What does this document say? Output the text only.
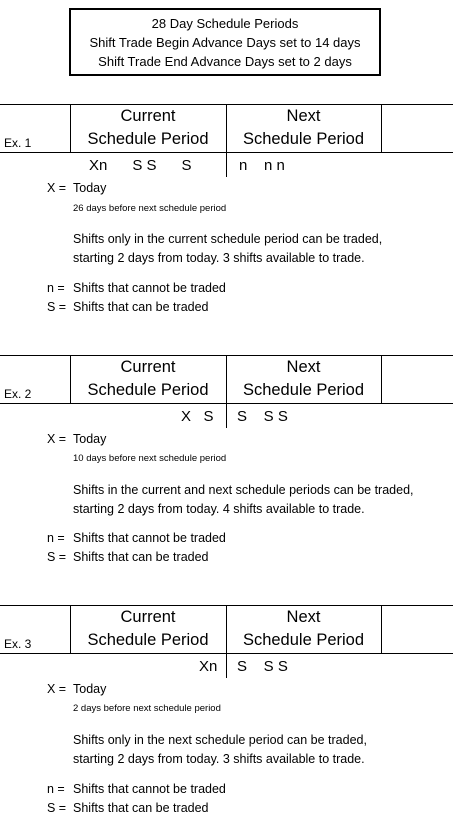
28 Day Schedule Periods
Shift Trade Begin Advance Days set to 14 days
Shift Trade End Advance Days set to 2 days
Ex. 1
Current
Schedule Period
Next
Schedule Period
Xn      S S      S	n    n n
X = Today
26 days before next schedule period
Shifts only in the current schedule period can be traded,
starting 2 days from today. 3 shifts available to trade.
n = Shifts that cannot be traded
S = Shifts that can be traded
Ex. 2
Current
Schedule Period
Next
Schedule Period
X   S S    S S
X = Today
10 days before next schedule period
Shifts in the current and next schedule periods can be traded,
starting 2 days from today. 4 shifts available to trade.
n = Shifts that cannot be traded
S = Shifts that can be traded
Ex. 3
Current
Schedule Period
Next
Schedule Period
Xn S    S S
X = Today
2 days before next schedule period
Shifts only in the next schedule period can be traded,
starting 2 days from today. 3 shifts available to trade.
n = Shifts that cannot be traded
S = Shifts that can be traded
